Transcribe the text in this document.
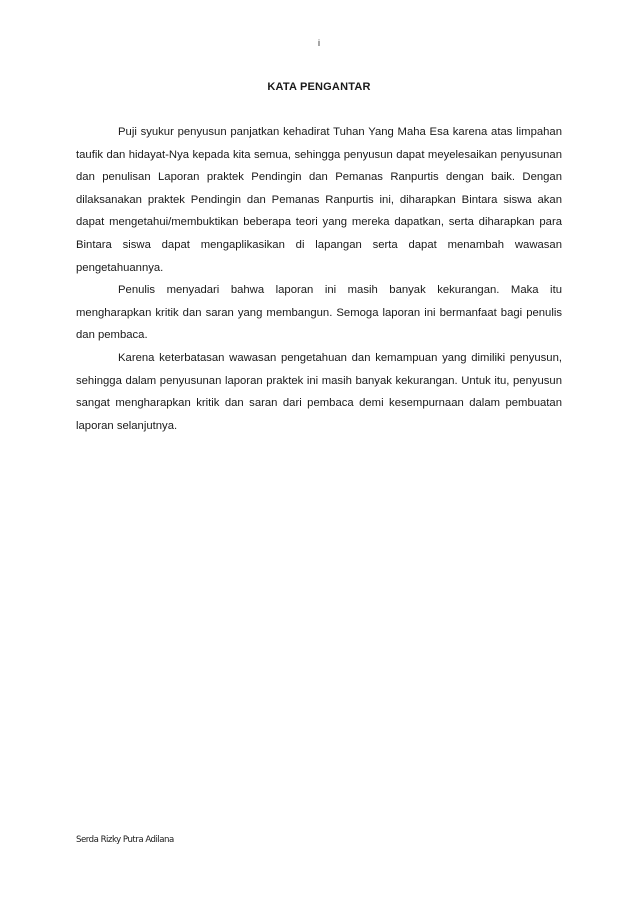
i
KATA PENGANTAR

Puji syukur penyusun panjatkan kehadirat Tuhan Yang Maha Esa karena atas limpahan taufik dan hidayat-Nya kepada kita semua, sehingga penyusun dapat meyelesaikan penyusunan dan penulisan Laporan praktek Pendingin dan Pemanas Ranpurtis dengan baik. Dengan dilaksanakan praktek Pendingin dan Pemanas Ranpurtis ini, diharapkan Bintara siswa akan dapat mengetahui/membuktikan beberapa teori yang mereka dapatkan, serta diharapkan para Bintara siswa dapat mengaplikasikan di lapangan serta dapat menambah wawasan pengetahuannya.

Penulis menyadari bahwa laporan ini masih banyak kekurangan. Maka itu mengharapkan kritik dan saran yang membangun. Semoga laporan ini bermanfaat bagi penulis dan pembaca.

Karena keterbatasan wawasan pengetahuan dan kemampuan yang dimiliki penyusun, sehingga dalam penyusunan laporan praktek ini masih banyak kekurangan. Untuk itu, penyusun sangat mengharapkan kritik dan saran dari pembaca demi kesempurnaan dalam pembuatan laporan selanjutnya.

Serda Rizky Putra Adilana
